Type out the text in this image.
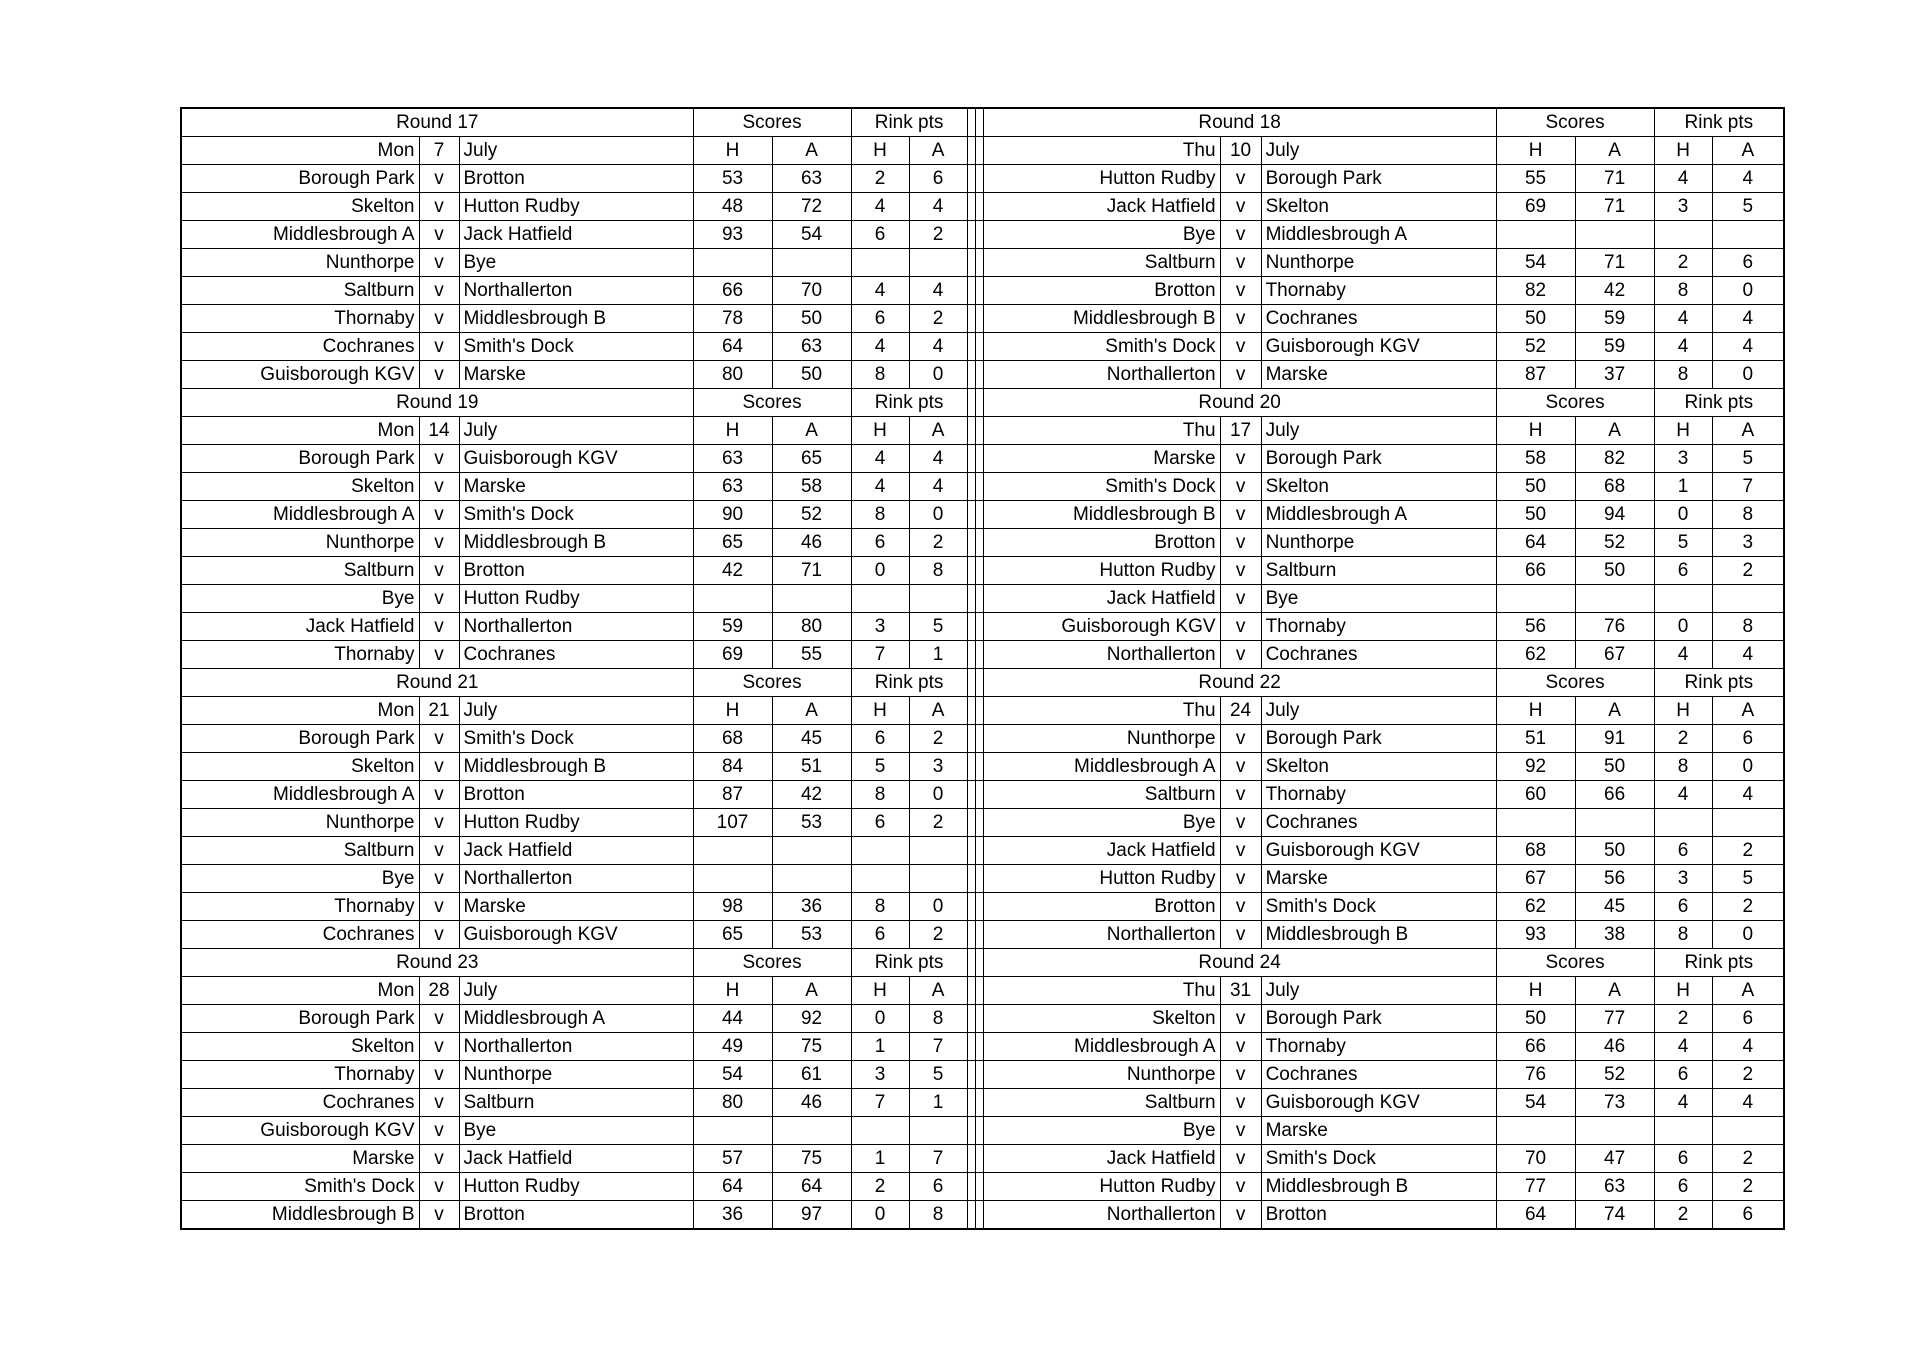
Round 17			Scores		Rink pts				Round 18			Scores		Rink pts	
Mon	7	July	H	A	H	A			Thu	10	July	H	A	H	A
Borough Park	v	Brotton	53	63	2	6			Hutton Rudby	v	Borough Park	55	71	4	4
Skelton	v	Hutton Rudby	48	72	4	4			Jack Hatfield	v	Skelton	69	71	3	5
Middlesbrough A	v	Jack Hatfield	93	54	6	2			Bye	v	Middlesbrough A				
Nunthorpe	v	Bye							Saltburn	v	Nunthorpe	54	71	2	6
Saltburn	v	Northallerton	66	70	4	4			Brotton	v	Thornaby	82	42	8	0
Thornaby	v	Middlesbrough B	78	50	6	2			Middlesbrough B	v	Cochranes	50	59	4	4
Cochranes	v	Smith's Dock	64	63	4	4			Smith's Dock	v	Guisborough KGV	52	59	4	4
Guisborough KGV	v	Marske	80	50	8	0			Northallerton	v	Marske	87	37	8	0
Round 19			Scores		Rink pts				Round 20			Scores		Rink pts	
Mon	14	July	H	A	H	A			Thu	17	July	H	A	H	A
Borough Park	v	Guisborough KGV	63	65	4	4			Marske	v	Borough Park	58	82	3	5
Skelton	v	Marske	63	58	4	4			Smith's Dock	v	Skelton	50	68	1	7
Middlesbrough A	v	Smith's Dock	90	52	8	0			Middlesbrough B	v	Middlesbrough A	50	94	0	8
Nunthorpe	v	Middlesbrough B	65	46	6	2			Brotton	v	Nunthorpe	64	52	5	3
Saltburn	v	Brotton	42	71	0	8			Hutton Rudby	v	Saltburn	66	50	6	2
Bye	v	Hutton Rudby							Jack Hatfield	v	Bye				
Jack Hatfield	v	Northallerton	59	80	3	5			Guisborough KGV	v	Thornaby	56	76	0	8
Thornaby	v	Cochranes	69	55	7	1			Northallerton	v	Cochranes	62	67	4	4
Round 21			Scores		Rink pts				Round 22			Scores		Rink pts	
Mon	21	July	H	A	H	A			Thu	24	July	H	A	H	A
Borough Park	v	Smith's Dock	68	45	6	2			Nunthorpe	v	Borough Park	51	91	2	6
Skelton	v	Middlesbrough B	84	51	5	3			Middlesbrough A	v	Skelton	92	50	8	0
Middlesbrough A	v	Brotton	87	42	8	0			Saltburn	v	Thornaby	60	66	4	4
Nunthorpe	v	Hutton Rudby	107	53	6	2			Bye	v	Cochranes				
Saltburn	v	Jack Hatfield							Jack Hatfield	v	Guisborough KGV	68	50	6	2
Bye	v	Northallerton							Hutton Rudby	v	Marske	67	56	3	5
Thornaby	v	Marske	98	36	8	0			Brotton	v	Smith's Dock	62	45	6	2
Cochranes	v	Guisborough KGV	65	53	6	2			Northallerton	v	Middlesbrough B	93	38	8	0
Round 23			Scores		Rink pts				Round 24			Scores		Rink pts	
Mon	28	July	H	A	H	A			Thu	31	July	H	A	H	A
Borough Park	v	Middlesbrough A	44	92	0	8			Skelton	v	Borough Park	50	77	2	6
Skelton	v	Northallerton	49	75	1	7			Middlesbrough A	v	Thornaby	66	46	4	4
Thornaby	v	Nunthorpe	54	61	3	5			Nunthorpe	v	Cochranes	76	52	6	2
Cochranes	v	Saltburn	80	46	7	1			Saltburn	v	Guisborough KGV	54	73	4	4
Guisborough KGV	v	Bye							Bye	v	Marske				
Marske	v	Jack Hatfield	57	75	1	7			Jack Hatfield	v	Smith's Dock	70	47	6	2
Smith's Dock	v	Hutton Rudby	64	64	2	6			Hutton Rudby	v	Middlesbrough B	77	63	6	2
Middlesbrough B	v	Brotton	36	97	0	8			Northallerton	v	Brotton	64	74	2	6
